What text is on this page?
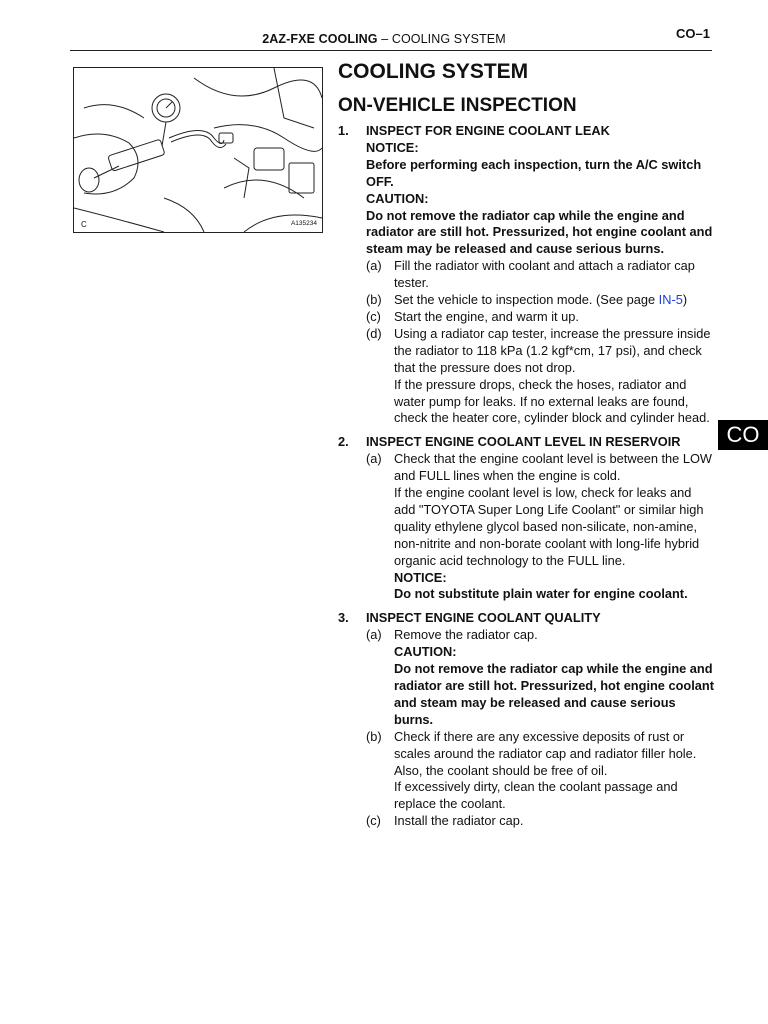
2AZ-FXE COOLING – COOLING SYSTEM	CO–1
C	A135234
COOLING SYSTEM
ON-VEHICLE INSPECTION
1. INSPECT FOR ENGINE COOLANT LEAK
NOTICE:
Before performing each inspection, turn the A/C switch OFF.
CAUTION:
Do not remove the radiator cap while the engine and radiator are still hot. Pressurized, hot engine coolant and steam may be released and cause serious burns.
(a) Fill the radiator with coolant and attach a radiator cap tester.
(b) Set the vehicle to inspection mode. (See page IN-5)
(c) Start the engine, and warm it up.
(d) Using a radiator cap tester, increase the pressure inside the radiator to 118 kPa (1.2 kgf*cm, 17 psi), and check that the pressure does not drop.
If the pressure drops, check the hoses, radiator and water pump for leaks. If no external leaks are found, check the heater core, cylinder block and cylinder head.
2. INSPECT ENGINE COOLANT LEVEL IN RESERVOIR
(a) Check that the engine coolant level is between the LOW and FULL lines when the engine is cold.
If the engine coolant level is low, check for leaks and add "TOYOTA Super Long Life Coolant" or similar high quality ethylene glycol based non-silicate, non-amine, non-nitrite and non-borate coolant with long-life hybrid organic acid technology to the FULL line.
NOTICE:
Do not substitute plain water for engine coolant.
3. INSPECT ENGINE COOLANT QUALITY
(a) Remove the radiator cap.
CAUTION:
Do not remove the radiator cap while the engine and radiator are still hot. Pressurized, hot engine coolant and steam may be released and cause serious burns.
(b) Check if there are any excessive deposits of rust or scales around the radiator cap and radiator filler hole. Also, the coolant should be free of oil.
If excessively dirty, clean the coolant passage and replace the coolant.
(c) Install the radiator cap.
CO
